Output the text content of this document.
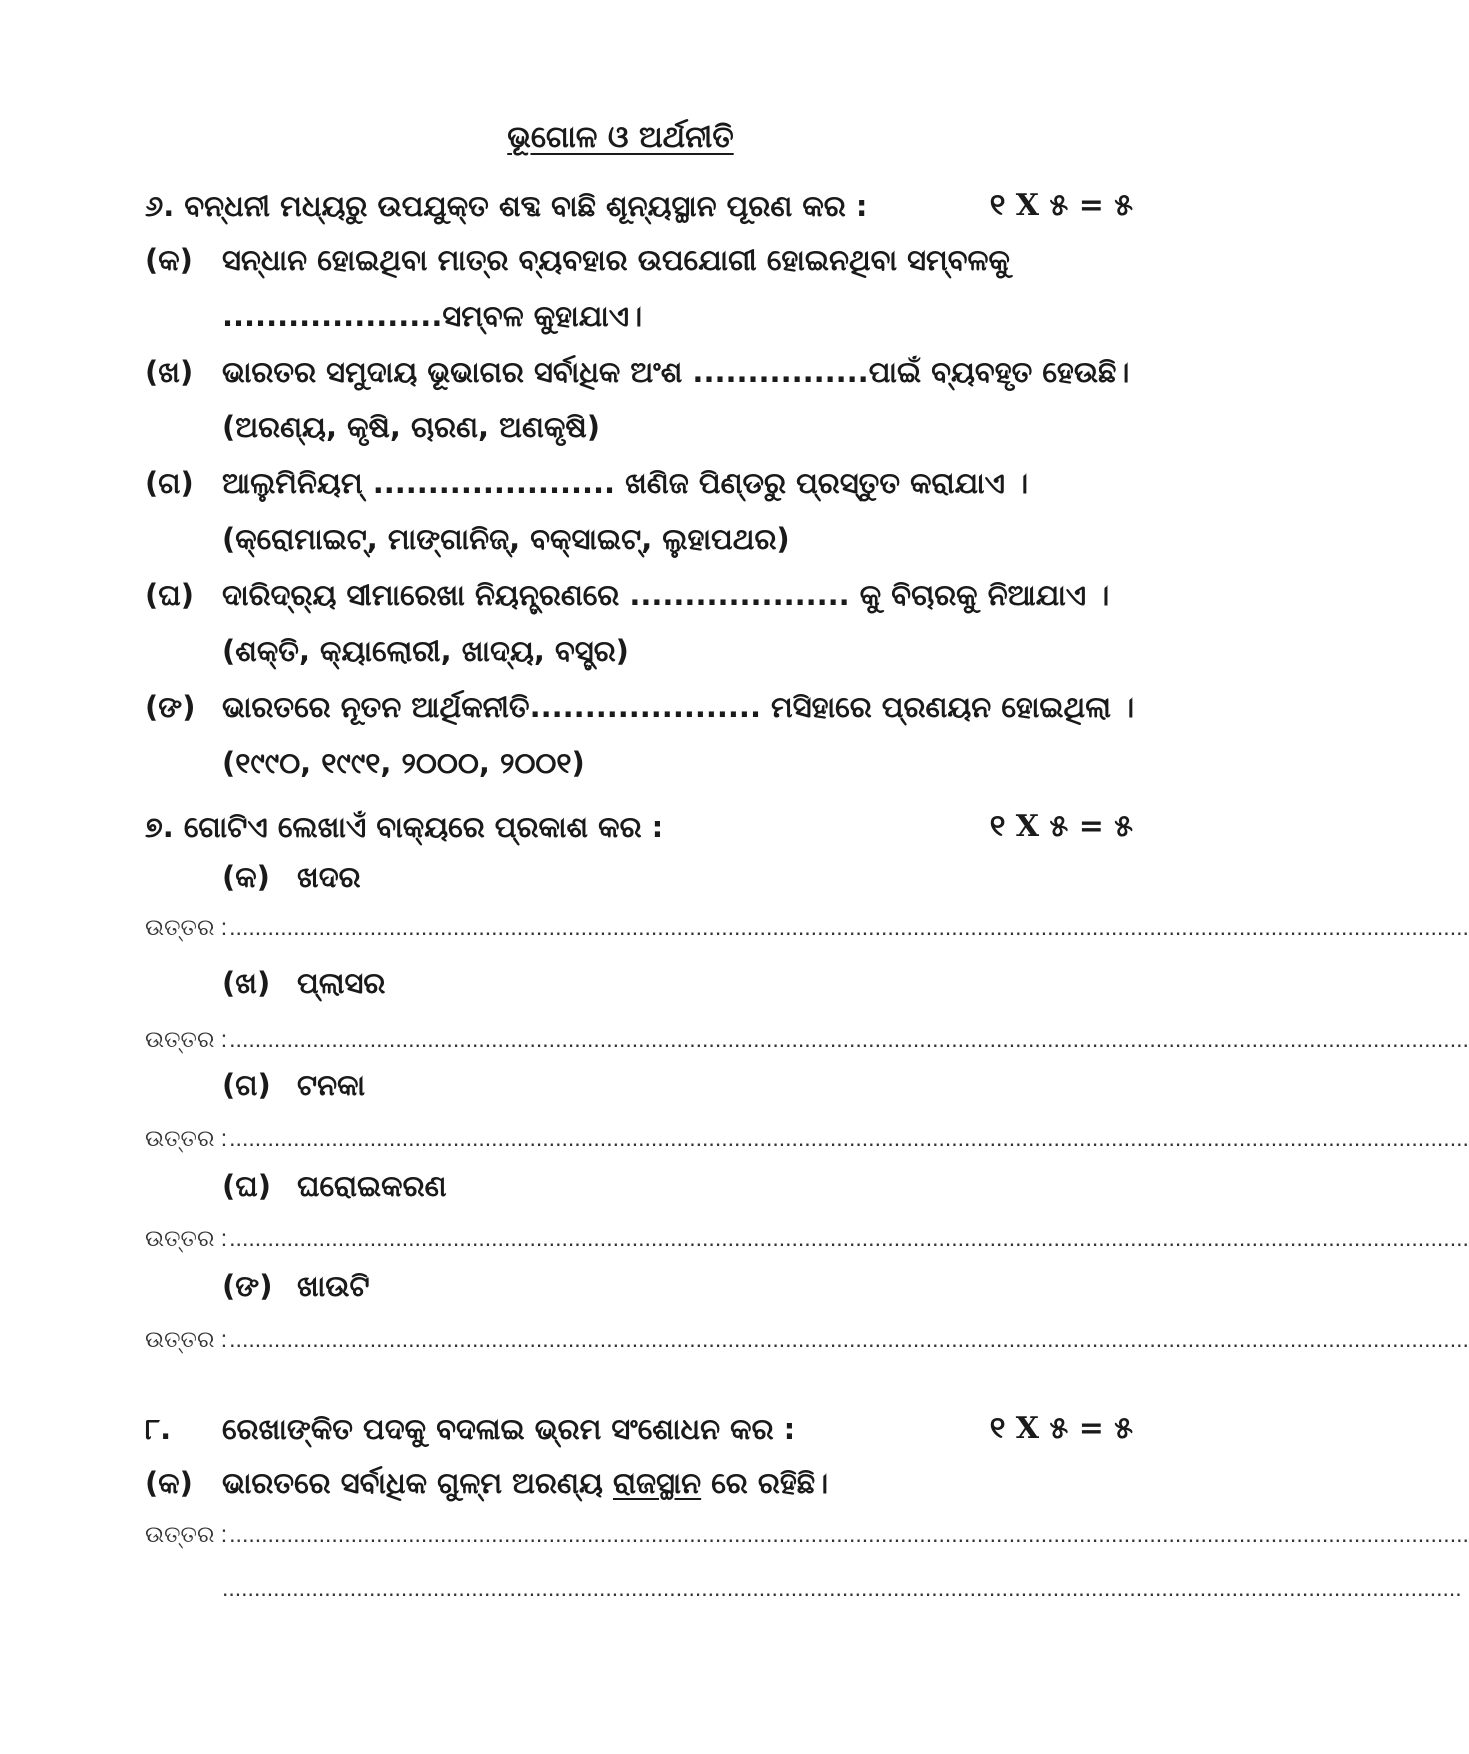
ଭୂଗୋଳ ଓ ଅର୍ଥନୀତି
୬. ବନ୍ଧନୀ ମଧ୍ୟରୁ ଉପଯୁକ୍ତ ଶବ୍ଦ ବାଛି ଶୂନ୍ୟସ୍ଥାନ ପୂରଣ କର :	୧ X ୫ = ୫
(କ) ସନ୍ଧାନ ହୋଇଥିବା ମାତ୍ର ବ୍ୟବହାର ଉପଯୋଗୀ ହୋଇନଥିବା ସମ୍ବଳକୁ
....................ସମ୍ବଳ କୁହାଯାଏ।
(ଖ) ଭାରତର ସମୁଦାୟ ଭୂଭାଗର ସର୍ବାଧିକ ଅଂଶ ................ପାଇଁ ବ୍ୟବହୃତ ହେଉଛି।
(ଅରଣ୍ୟ, କୃଷି, ଚାରଣ, ଅଣକୃଷି)
(ଗ) ଆଲୁମିନିୟମ୍ ...................... ଖଣିଜ ପିଣ୍ଡରୁ ପ୍ରସ୍ତୁତ କରାଯାଏ ।
(କ୍ରୋମାଇଟ୍, ମାଙ୍ଗାନିଜ୍, ବକ୍ସାଇଟ୍, ଲୁହାପଥର)
(ଘ) ଦାରିଦ୍ର୍ୟ ସୀମାରେଖା ନିୟନ୍ତ୍ରଣରେ .................... କୁ ବିଚାରକୁ ନିଆଯାଏ ।
(ଶକ୍ତି, କ୍ୟାଲୋରୀ, ଖାଦ୍ୟ, ବସ୍ତ୍ର)
(ଙ) ଭାରତରେ ନୂତନ ଆର୍ଥିକନୀତି..................... ମସିହାରେ ପ୍ରଣୟନ ହୋଇଥିଲା ।
(୧୯୯୦, ୧୯୯୧, ୨୦୦୦, ୨୦୦୧)
୭. ଗୋଟିଏ ଲେଖାଏଁ ବାକ୍ୟରେ ପ୍ରକାଶ କର :	୧ X ୫ = ୫
(କ) ଖଦର
ଉତ୍ତର :..................................................................................................................................................................................................
(ଖ) ପ୍ଲାସର
ଉତ୍ତର :..................................................................................................................................................................................................
(ଗ) ଟନକା
ଉତ୍ତର :..................................................................................................................................................................................................
(ଘ) ଘରୋଇକରଣ
ଉତ୍ତର :..................................................................................................................................................................................................
(ଙ) ଖାଉଟି
ଉତ୍ତର :..................................................................................................................................................................................................
୮. ରେଖାଙ୍କିତ ପଦକୁ ବଦଳାଇ ଭ୍ରମ ସଂଶୋଧନ କର :	୧ X ୫ = ୫
(କ) ଭାରତରେ ସର୍ବାଧିକ ଗୁଳ୍ମ ଅରଣ୍ୟ ରାଜସ୍ଥାନ ରେ ରହିଛି।
ଉତ୍ତର :..................................................................................................................................................................................................
..................................................................................................................................................................................................
